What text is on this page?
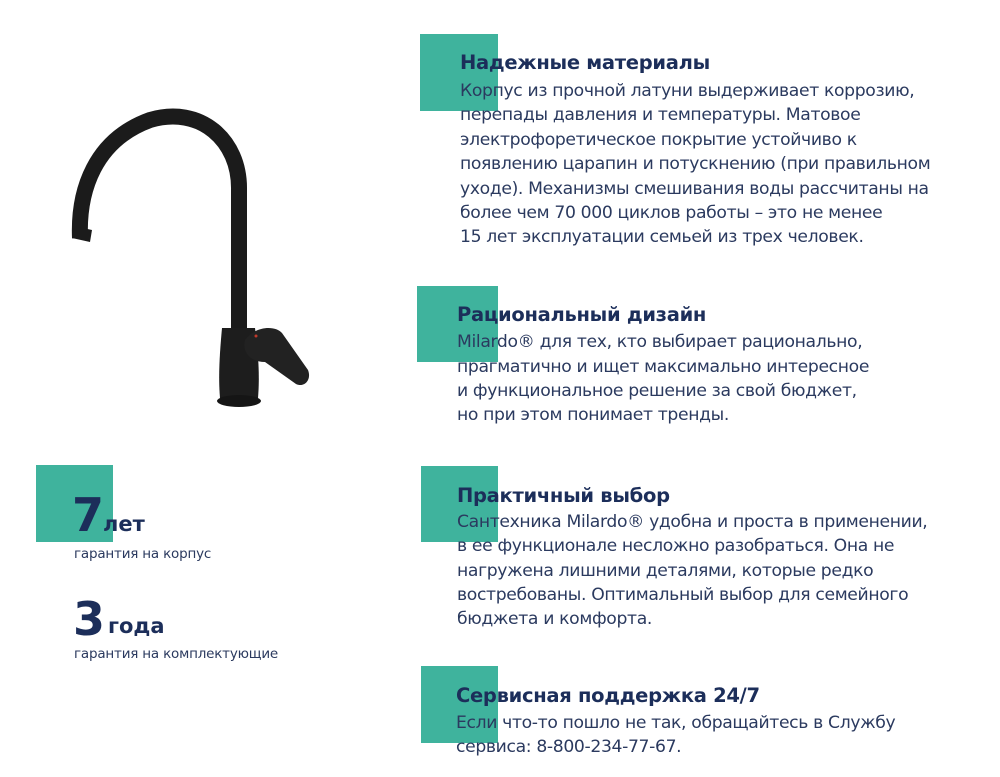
Надежные материалы
Корпус из прочной латуни выдерживает коррозию,
перепады давления и температуры. Матовое
электрофоретическое покрытие устойчиво к
появлению царапин и потускнению (при правильном
уходе). Механизмы смешивания воды рассчитаны на
более чем 70 000 циклов работы – это не менее
15 лет эксплуатации семьей из трех человек.
Рациональный дизайн
Milardo® для тех, кто выбирает рационально,
прагматично и ищет максимально интересное
и функциональное решение за свой бюджет,
но при этом понимает тренды.
Практичный выбор
Сантехника Milardo® удобна и проста в применении,
в ее функционале несложно разобраться. Она не
нагружена лишними деталями, которые редко
востребованы. Оптимальный выбор для семейного
бюджета и комфорта.
Сервисная поддержка 24/7
Если что-то пошло не так, обращайтесь в Службу
сервиса: 8-800-234-77-67.
7 лет
гарантия на корпус
3 года
гарантия на комплектующие
